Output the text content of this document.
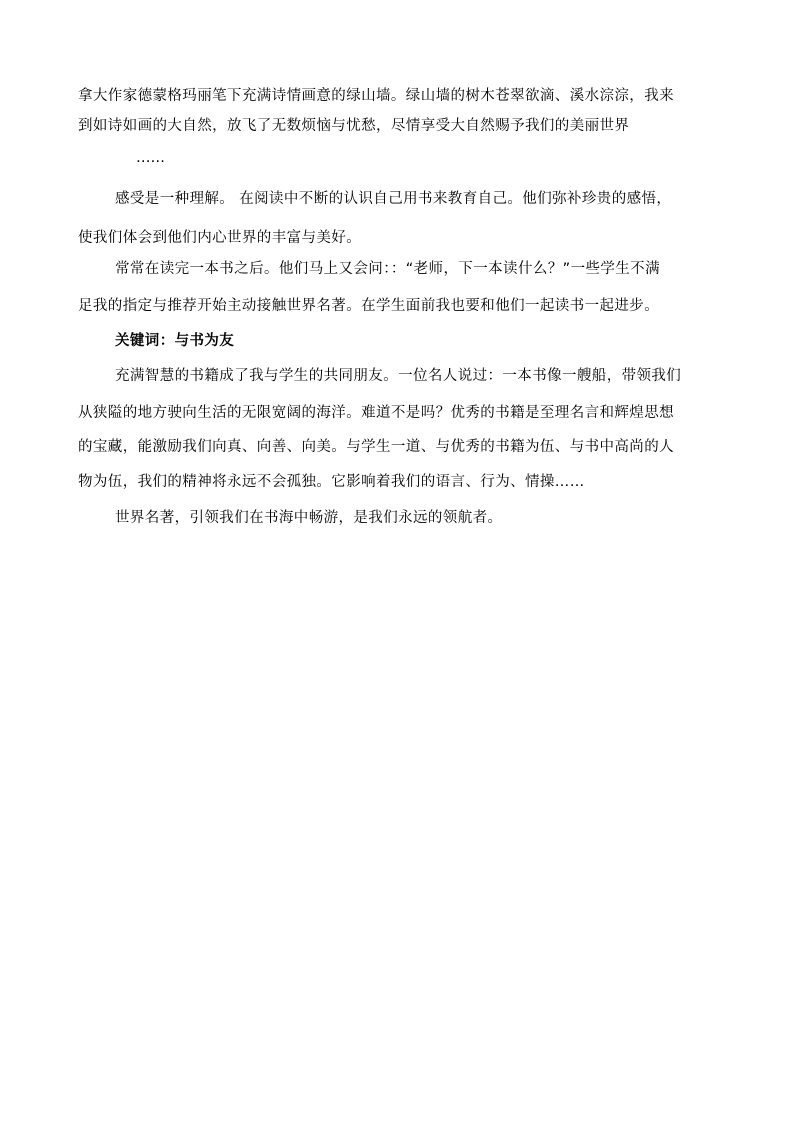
拿大作家德蒙格玛丽笔下充满诗情画意的绿山墙。绿山墙的树木苍翠欲滴、溪水淙淙，我来
到如诗如画的大自然，放飞了无数烦恼与忧愁，尽情享受大自然赐予我们的美丽世界
……
感受是一种理解。 在阅读中不断的认识自己用书来教育自己。他们弥补珍贵的感悟，
使我们体会到他们内心世界的丰富与美好。
常常在读完一本书之后。他们马上又会问：：“老师，下一本读什么？”一些学生不满
足我的指定与推荐开始主动接触世界名著。在学生面前我也要和他们一起读书一起进步。
关键词：与书为友
充满智慧的书籍成了我与学生的共同朋友。一位名人说过：一本书像一艘船，带领我们
从狭隘的地方驶向生活的无限宽阔的海洋。难道不是吗？优秀的书籍是至理名言和辉煌思想
的宝藏，能激励我们向真、向善、向美。与学生一道、与优秀的书籍为伍、与书中高尚的人
物为伍，我们的精神将永远不会孤独。它影响着我们的语言、行为、情操……
世界名著，引领我们在书海中畅游，是我们永远的领航者。
